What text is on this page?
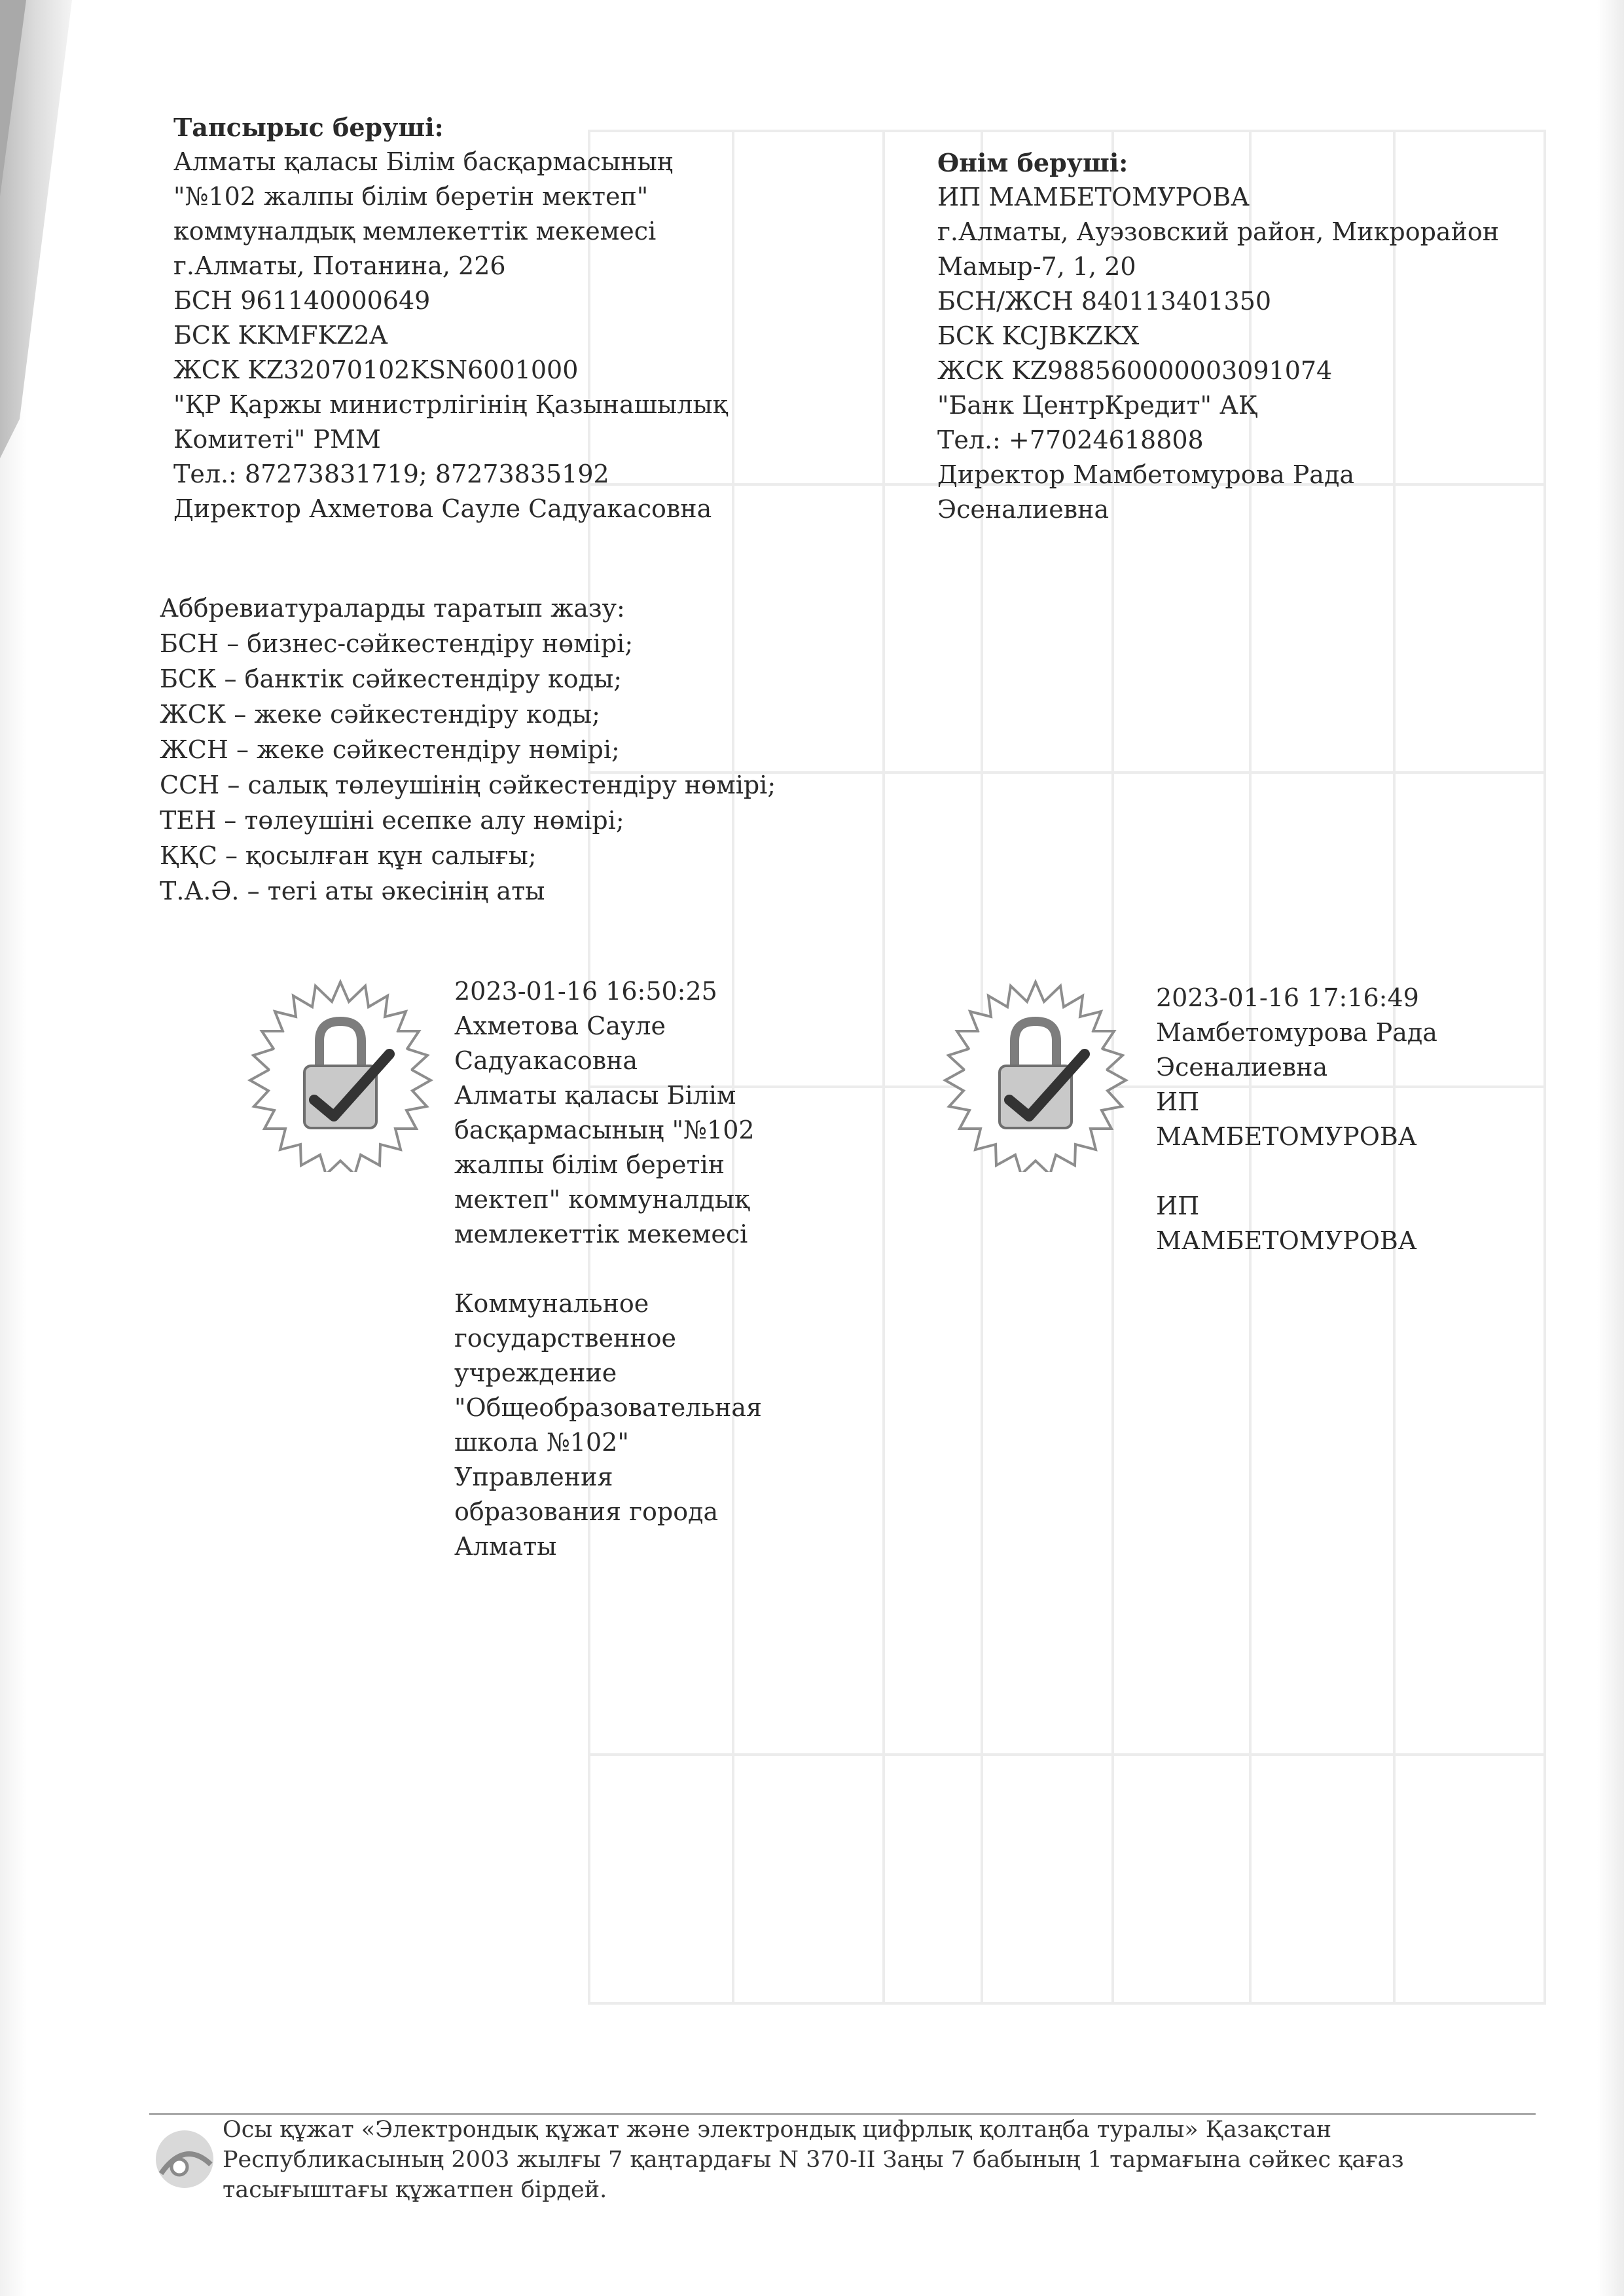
Тапсырыс беруші:
Алматы қаласы Білім басқармасының
"№102 жалпы білім беретін мектеп"
коммуналдық мемлекеттік мекемесі
г.Алматы, Потанина, 226
БСН 961140000649
БСК KKMFKZ2A
ЖСК KZ32070102KSN6001000
"ҚР Қаржы министрлігінің Қазынашылық
Комитеті" РММ
Тел.: 87273831719; 87273835192
Директор Ахметова Сауле Садуакасовна
Өнім беруші:
ИП МАМБЕТОМУРОВА
г.Алматы, Ауэзовский район, Микрорайон
Мамыр-7, 1, 20
БСН/ЖСН 840113401350
БСК KCJBKZKX
ЖСК KZ988560000003091074
"Банк ЦентрКредит" АҚ
Тел.: +77024618808
Директор Мамбетомурова Рада
Эсеналиевна
Аббревиатураларды таратып жазу:
БСН – бизнес-сәйкестендіру нөмірі;
БСК – банктік сәйкестендіру коды;
ЖСК – жеке сәйкестендіру коды;
ЖСН – жеке сәйкестендіру нөмірі;
ССН – салық төлеушінің сәйкестендіру нөмірі;
ТЕН – төлеушіні есепке алу нөмірі;
ҚҚС – қосылған құн салығы;
Т.А.Ә. – тегі аты әкесінің аты
2023-01-16 16:50:25
Ахметова Сауле
Садуакасовна
Алматы қаласы Білім
басқармасының "№102
жалпы білім беретін
мектеп" коммуналдық
мемлекеттік мекемесі
Коммунальное
государственное
учреждение
"Общеобразовательная
школа №102"
Управления
образования города
Алматы
2023-01-16 17:16:49
Мамбетомурова Рада
Эсеналиевна
ИП
МАМБЕТОМУРОВА
ИП
МАМБЕТОМУРОВА
Осы құжат «Электрондық құжат және электрондық цифрлық қолтаңба туралы» Қазақстан Республикасының 2003 жылғы 7 қаңтардағы N 370-II Заңы 7 бабының 1 тармағына сәйкес қағаз тасығыштағы құжатпен бірдей.
